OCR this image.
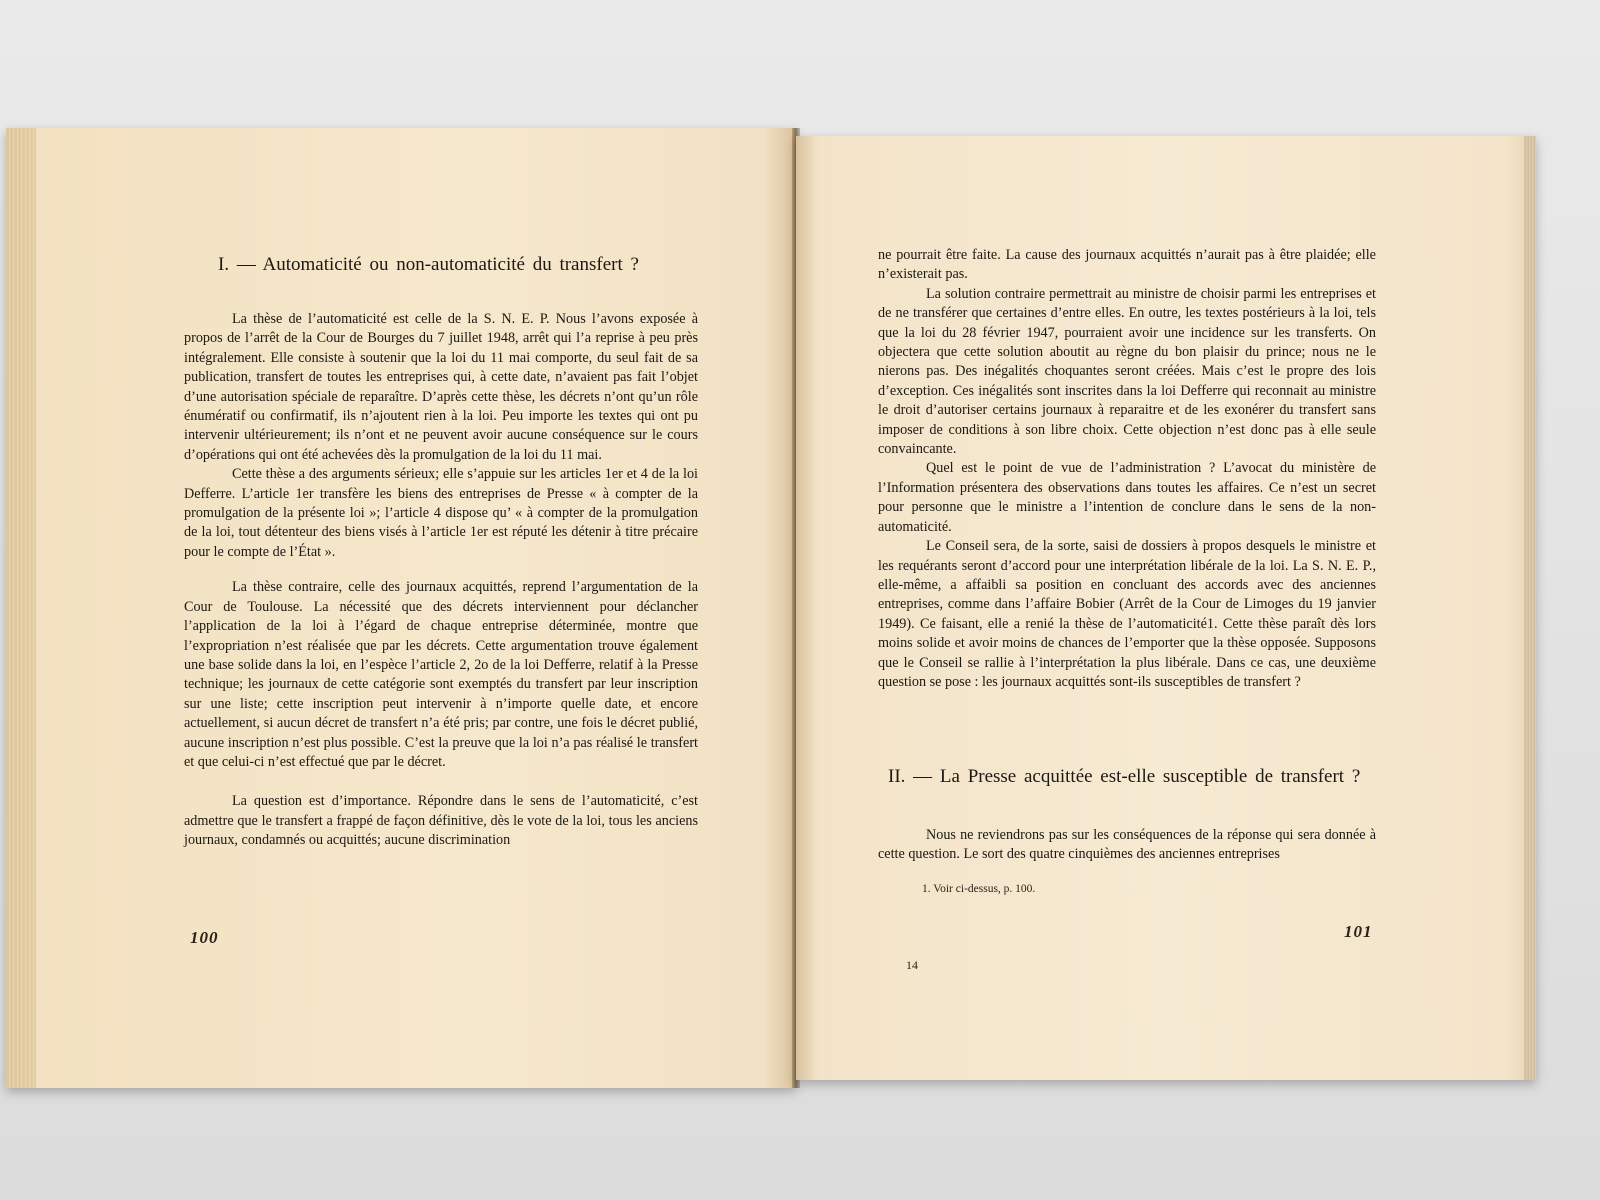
I. — Automaticité ou non-automaticité du transfert ?

La thèse de l’automaticité est celle de la S. N. E. P. Nous l’avons exposée à propos de l’arrêt de la Cour de Bourges du 7 juillet 1948, arrêt qui l’a reprise à peu près intégralement. Elle consiste à soutenir que la loi du 11 mai comporte, du seul fait de sa publication, transfert de toutes les entreprises qui, à cette date, n’avaient pas fait l’objet d’une autorisation spéciale de reparaître. D’après cette thèse, les décrets n’ont qu’un rôle énumératif ou confirmatif, ils n’ajoutent rien à la loi. Peu importe les textes qui ont pu intervenir ultérieurement; ils n’ont et ne peuvent avoir aucune conséquence sur le cours d’opérations qui ont été achevées dès la promulgation de la loi du 11 mai.

Cette thèse a des arguments sérieux; elle s’appuie sur les articles 1er et 4 de la loi Defferre. L’article 1er transfère les biens des entreprises de Presse « à compter de la promulgation de la présente loi »; l’article 4 dispose qu’ « à compter de la promulgation de la loi, tout détenteur des biens visés à l’article 1er est réputé les détenir à titre précaire pour le compte de l’État ».

La thèse contraire, celle des journaux acquittés, reprend l’argumentation de la Cour de Toulouse. La nécessité que des décrets interviennent pour déclancher l’application de la loi à l’égard de chaque entreprise déterminée, montre que l’expropriation n’est réalisée que par les décrets. Cette argumentation trouve également une base solide dans la loi, en l’espèce l’article 2, 2o de la loi Defferre, relatif à la Presse technique; les journaux de cette catégorie sont exemptés du transfert par leur inscription sur une liste; cette inscription peut intervenir à n’importe quelle date, et encore actuellement, si aucun décret de transfert n’a été pris; par contre, une fois le décret publié, aucune inscription n’est plus possible. C’est la preuve que la loi n’a pas réalisé le transfert et que celui-ci n’est effectué que par le décret.

La question est d’importance. Répondre dans le sens de l’automaticité, c’est admettre que le transfert a frappé de façon définitive, dès le vote de la loi, tous les anciens journaux, condamnés ou acquittés; aucune discrimination

100

ne pourrait être faite. La cause des journaux acquittés n’aurait pas à être plaidée; elle n’existerait pas.

La solution contraire permettrait au ministre de choisir parmi les entreprises et de ne transférer que certaines d’entre elles. En outre, les textes postérieurs à la loi, tels que la loi du 28 février 1947, pourraient avoir une incidence sur les transferts. On objectera que cette solution aboutit au règne du bon plaisir du prince; nous ne le nierons pas. Des inégalités choquantes seront créées. Mais c’est le propre des lois d’exception. Ces inégalités sont inscrites dans la loi Defferre qui reconnait au ministre le droit d’autoriser certains journaux à reparaitre et de les exonérer du transfert sans imposer de conditions à son libre choix. Cette objection n’est donc pas à elle seule convaincante.

Quel est le point de vue de l’administration ? L’avocat du ministère de l’Information présentera des observations dans toutes les affaires. Ce n’est un secret pour personne que le ministre a l’intention de conclure dans le sens de la non-automaticité.

Le Conseil sera, de la sorte, saisi de dossiers à propos desquels le ministre et les requérants seront d’accord pour une interprétation libérale de la loi. La S. N. E. P., elle-même, a affaibli sa position en concluant des accords avec des anciennes entreprises, comme dans l’affaire Bobier (Arrêt de la Cour de Limoges du 19 janvier 1949). Ce faisant, elle a renié la thèse de l’automaticité1. Cette thèse paraît dès lors moins solide et avoir moins de chances de l’emporter que la thèse opposée. Supposons que le Conseil se rallie à l’interprétation la plus libérale. Dans ce cas, une deuxième question se pose : les journaux acquittés sont-ils susceptibles de transfert ?

II. — La Presse acquittée est-elle susceptible de transfert ?

Nous ne reviendrons pas sur les conséquences de la réponse qui sera donnée à cette question. Le sort des quatre cinquièmes des anciennes entreprises

1. Voir ci-dessus, p. 100.
101
14
